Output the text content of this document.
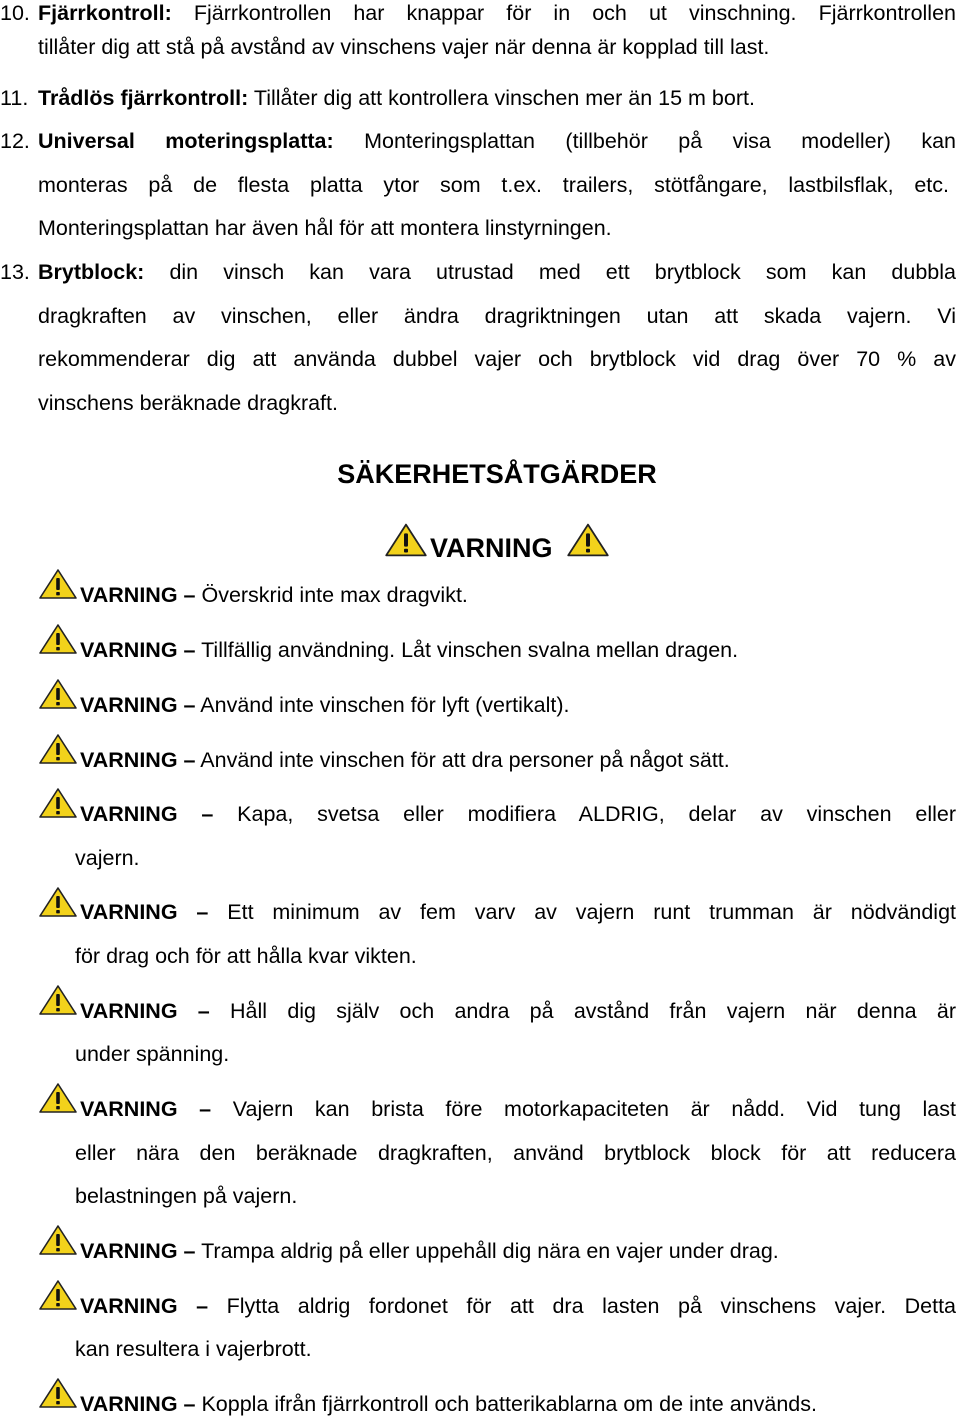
10. Fjärrkontroll: Fjärrkontrollen har knappar för in och ut vinschning. Fjärrkontrollen
tillåter dig att stå på avstånd av vinschens vajer när denna är kopplad till last.
11. Trådlös fjärrkontroll: Tillåter dig att kontrollera vinschen mer än 15 m bort.
12. Universal moteringsplatta: Monteringsplattan (tillbehör på visa modeller) kan
monteras på de flesta platta ytor som t.ex. trailers, stötfångare, lastbilsflak, etc.
Monteringsplattan har även hål för att montera linstyrningen.
13. Brytblock: din vinsch kan vara utrustad med ett brytblock som kan dubbla
dragkraften av vinschen, eller ändra dragriktningen utan att skada vajern. Vi
rekommenderar dig att använda dubbel vajer och brytblock vid drag över 70 % av
vinschens beräknade dragkraft.
SÄKERHETSÅTGÄRDER
VARNING
VARNING – Överskrid inte max dragvikt.
VARNING – Tillfällig användning. Låt vinschen svalna mellan dragen.
VARNING – Använd inte vinschen för lyft (vertikalt).
VARNING – Använd inte vinschen för att dra personer på något sätt.
VARNING – Kapa, svetsa eller modifiera ALDRIG, delar av vinschen eller
vajern.
VARNING – Ett minimum av fem varv av vajern runt trumman är nödvändigt
för drag och för att hålla kvar vikten.
VARNING – Håll dig själv och andra på avstånd från vajern när denna är
under spänning.
VARNING – Vajern kan brista före motorkapaciteten är nådd. Vid tung last
eller nära den beräknade dragkraften, använd brytblock block för att reducera
belastningen på vajern.
VARNING – Trampa aldrig på eller uppehåll dig nära en vajer under drag.
VARNING – Flytta aldrig fordonet för att dra lasten på vinschens vajer. Detta
kan resultera i vajerbrott.
VARNING – Koppla ifrån fjärrkontroll och batterikablarna om de inte används.
